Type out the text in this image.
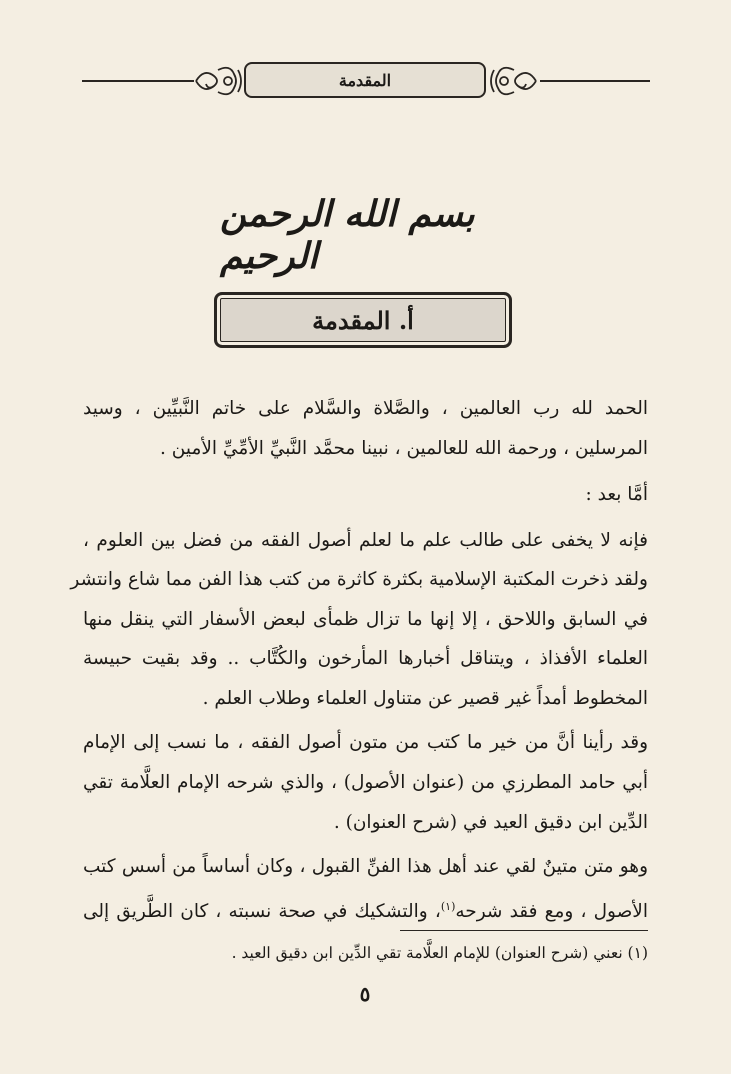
المقدمة
بسم الله الرحمن الرحيم
أ. المقدمة
الحمد لله رب العالمين ، والصَّلاة والسَّلام على خاتم النَّبيِّين ، وسيد
المرسلين ، ورحمة الله للعالمين ، نبينا محمَّد النَّبيِّ الأمِّيِّ الأمين .
أمَّا بعد :
فإنه لا يخفى على طالب علم ما لعلم أصول الفقه من فضل بين العلوم ،
ولقد ذخرت المكتبة الإسلامية بكثرة كاثرة من كتب هذا الفن مما شاع وانتشر
في السابق واللاحق ، إلا إنها ما تزال ظمأى لبعض الأسفار التي ينقل منها
العلماء الأفذاذ ، ويتناقل أخبارها المأرخون والكُتَّاب .. وقد بقيت حبيسة
المخطوط أمداً غير قصير عن متناول العلماء وطلاب العلم .
وقد رأينا أنَّ من خير ما كتب من متون أصول الفقه ، ما نسب إلى الإمام
أبي حامد المطرزي من (عنوان الأصول) ، والذي شرحه الإمام العلَّامة تقي
الدِّين ابن دقيق العيد في (شرح العنوان) .
وهو متن متينٌ لقي عند أهل هذا الفنِّ القبول ، وكان أساساً من أسس كتب
الأصول ، ومع فقد شرحه$^{(١)}$، والتشكيك في صحة نسبته ، كان الطَّريق إلى
(١) نعني (شرح العنوان) للإمام العلَّامة تقي الدِّين ابن دقيق العيد .
٥
